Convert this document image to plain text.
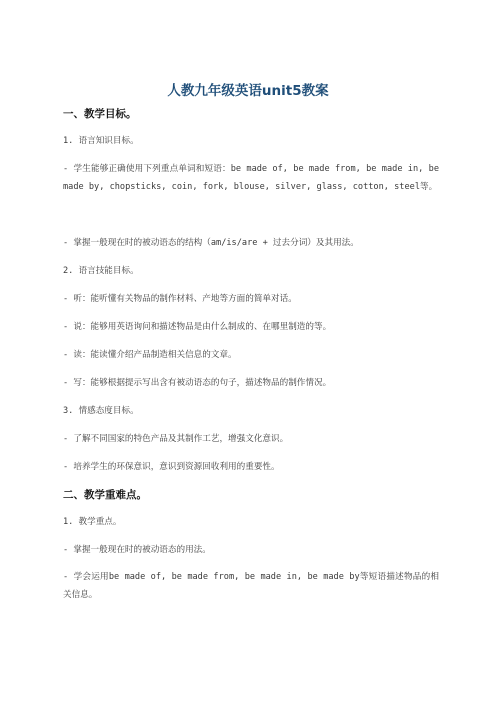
人教九年级英语unit5教案
一、教学目标。
1. 语言知识目标。
- 学生能够正确使用下列重点单词和短语：be made of, be made from, be made in, be made by, chopsticks, coin, fork, blouse, silver, glass, cotton, steel等。
- 掌握一般现在时的被动语态的结构（am/is/are + 过去分词）及其用法。
2. 语言技能目标。
- 听：能听懂有关物品的制作材料、产地等方面的简单对话。
- 说：能够用英语询问和描述物品是由什么制成的、在哪里制造的等。
- 读：能读懂介绍产品制造相关信息的文章。
- 写：能够根据提示写出含有被动语态的句子，描述物品的制作情况。
3. 情感态度目标。
- 了解不同国家的特色产品及其制作工艺，增强文化意识。
- 培养学生的环保意识，意识到资源回收利用的重要性。
二、教学重难点。
1. 教学重点。
- 掌握一般现在时的被动语态的用法。
- 学会运用be made of, be made from, be made in, be made by等短语描述物品的相关信息。
